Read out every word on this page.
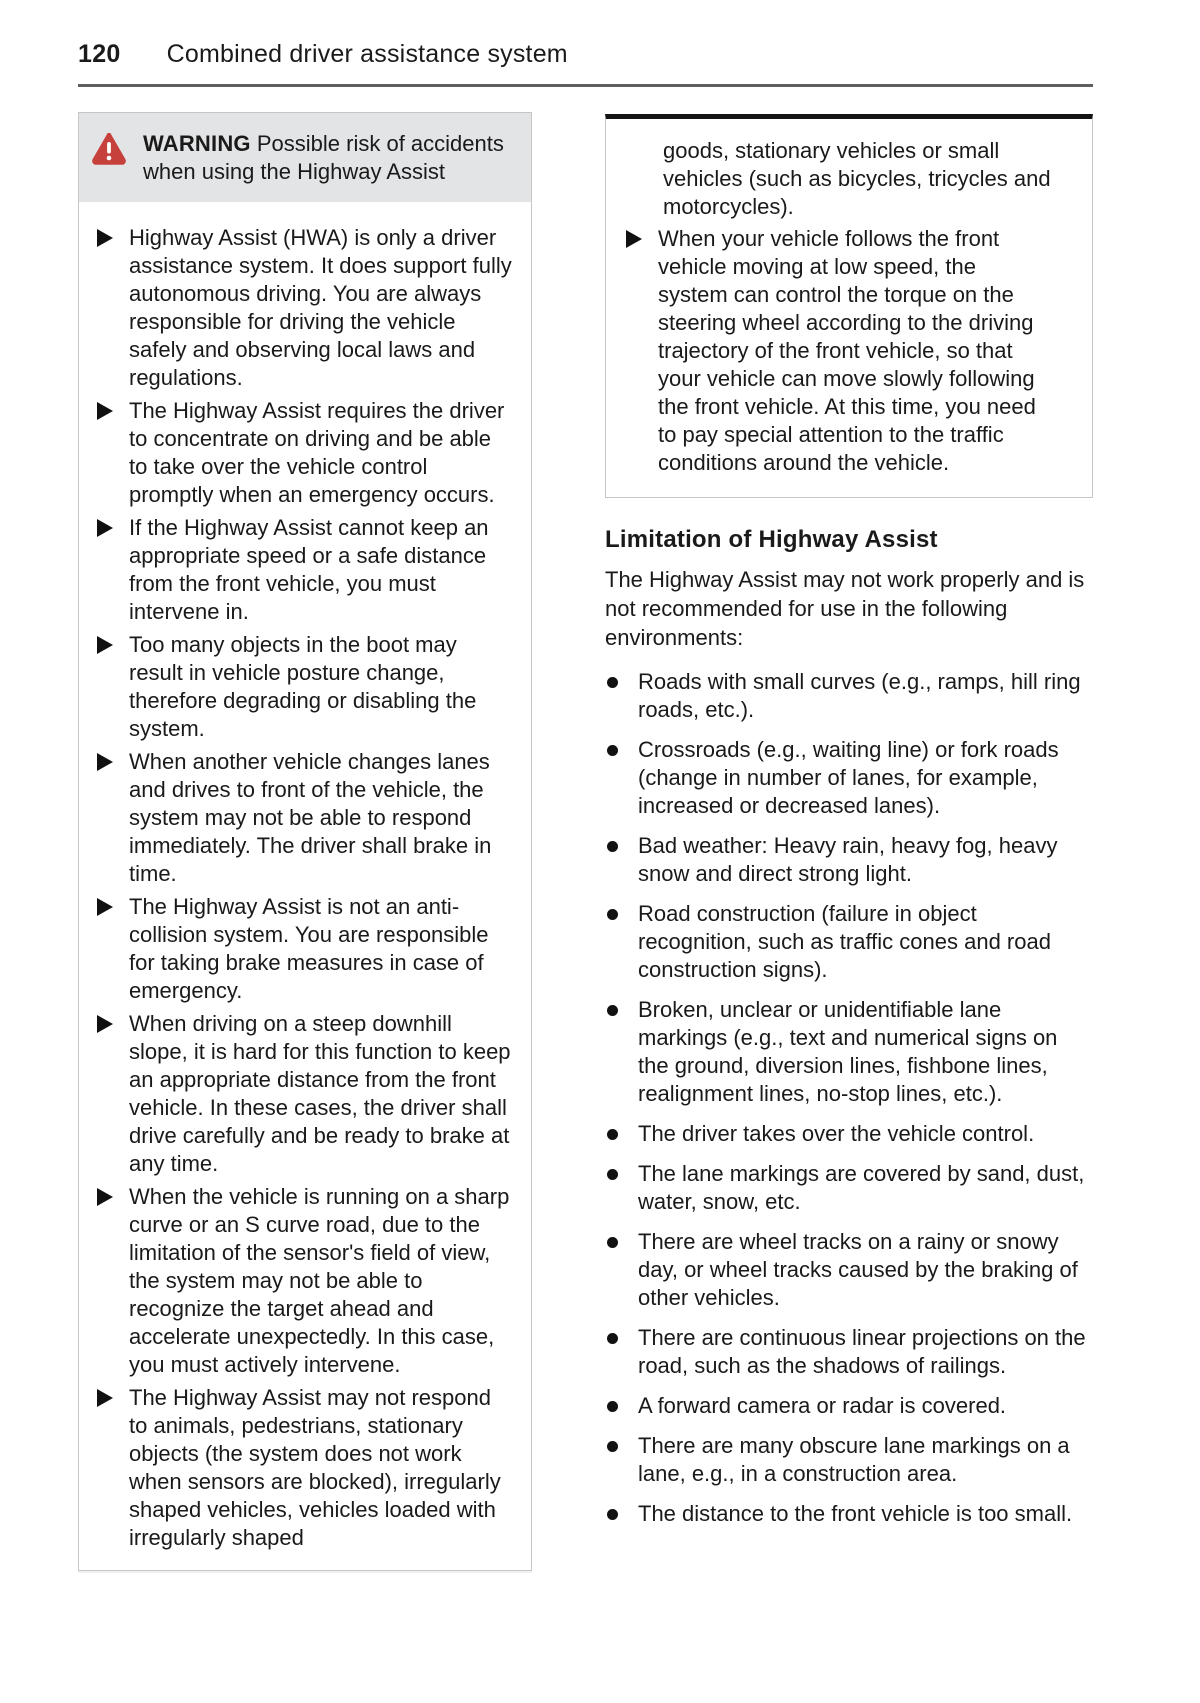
120 Combined driver assistance system

WARNING Possible risk of accidents when using the Highway Assist

Highway Assist (HWA) is only a driver assistance system. It does support fully autonomous driving. You are always responsible for driving the vehicle safely and observing local laws and regulations.
The Highway Assist requires the driver to concentrate on driving and be able to take over the vehicle control promptly when an emergency occurs.
If the Highway Assist cannot keep an appropriate speed or a safe distance from the front vehicle, you must intervene in.
Too many objects in the boot may result in vehicle posture change, therefore degrading or disabling the system.
When another vehicle changes lanes and drives to front of the vehicle, the system may not be able to respond immediately. The driver shall brake in time.
The Highway Assist is not an anti-collision system. You are responsible for taking brake measures in case of emergency.
When driving on a steep downhill slope, it is hard for this function to keep an appropriate distance from the front vehicle. In these cases, the driver shall drive carefully and be ready to brake at any time.
When the vehicle is running on a sharp curve or an S curve road, due to the limitation of the sensor's field of view, the system may not be able to recognize the target ahead and accelerate unexpectedly. In this case, you must actively intervene.
The Highway Assist may not respond to animals, pedestrians, stationary objects (the system does not work when sensors are blocked), irregularly shaped vehicles, vehicles loaded with irregularly shaped

goods, stationary vehicles or small vehicles (such as bicycles, tricycles and motorcycles).

When your vehicle follows the front vehicle moving at low speed, the system can control the torque on the steering wheel according to the driving trajectory of the front vehicle, so that your vehicle can move slowly following the front vehicle. At this time, you need to pay special attention to the traffic conditions around the vehicle.
Limitation of Highway Assist

The Highway Assist may not work properly and is not recommended for use in the following environments:

Roads with small curves (e.g., ramps, hill ring roads, etc.).
Crossroads (e.g., waiting line) or fork roads (change in number of lanes, for example, increased or decreased lanes).
Bad weather: Heavy rain, heavy fog, heavy snow and direct strong light.
Road construction (failure in object recognition, such as traffic cones and road construction signs).
Broken, unclear or unidentifiable lane markings (e.g., text and numerical signs on the ground, diversion lines, fishbone lines, realignment lines, no-stop lines, etc.).
The driver takes over the vehicle control.
The lane markings are covered by sand, dust, water, snow, etc.
There are wheel tracks on a rainy or snowy day, or wheel tracks caused by the braking of other vehicles.
There are continuous linear projections on the road, such as the shadows of railings.
A forward camera or radar is covered.
There are many obscure lane markings on a lane, e.g., in a construction area.
The distance to the front vehicle is too small.
